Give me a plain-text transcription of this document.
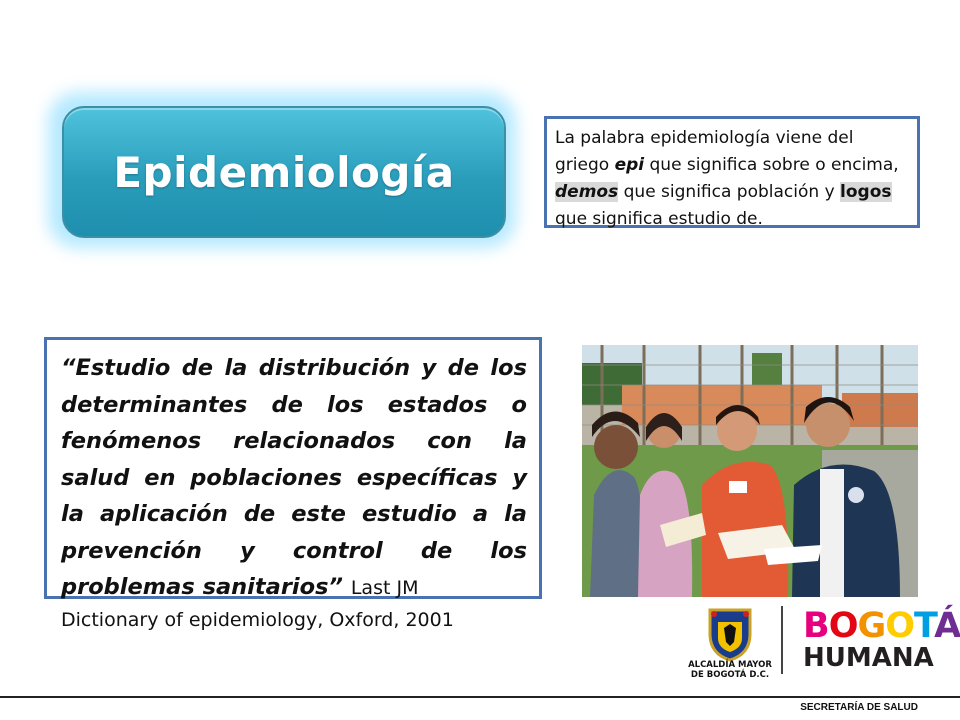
Epidemiología
La palabra epidemiología viene del griego epi que significa sobre o encima, demos que significa población y logos que significa estudio de.
“Estudio de la distribución y de los determinantes de los estados o fenómenos relacionados con la salud en poblaciones específicas y la aplicación de este estudio a la prevención y control de los problemas sanitarios” Last JM
Dictionary of epidemiology, Oxford, 2001
ALCALDÍA MAYOR
DE BOGOTÁ D.C.
BOGOTÁ
HUMANA
SECRETARÍA DE SALUD
